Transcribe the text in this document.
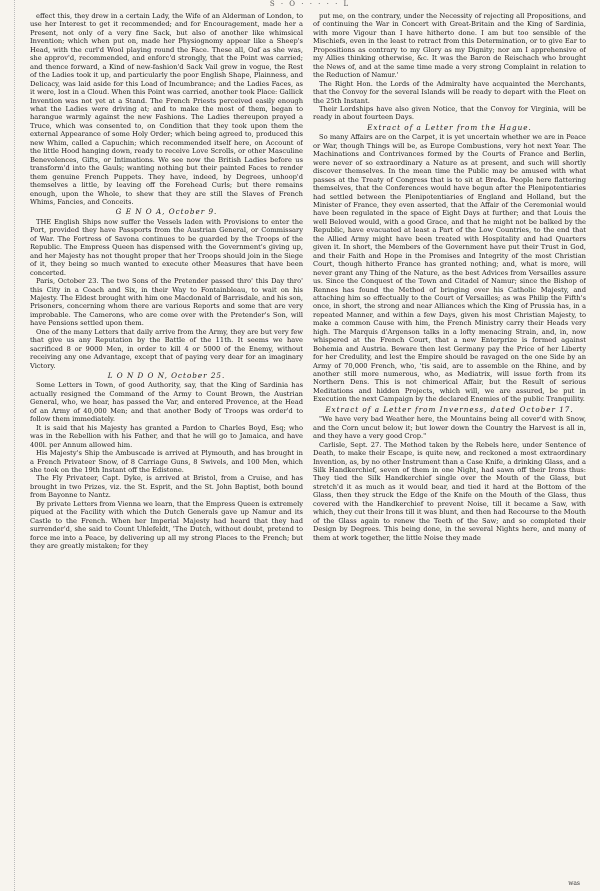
S · O · · · · · L

effect this, they drew in a certain Lady, the Wife of an Alderman of London, to use her Interest to get it recommended; and for Encouragement, made her a Present, not only of a very fine Sack, but also of another like whimsical Invention; which when put on, made her Physiognomy appear like a Sheep's Head, with the curl'd Wool playing round the Face. These all, Oaf as she was, she approv'd, recommended, and enforc'd strongly, that the Point was carried; and thence forward, a Kind of new-fashion'd Sack Vail grew in vogue, the Rest of the Ladies took it up, and particularly the poor English Shape, Plainness, and Delicacy, was laid aside for this Load of Incumbrance; and the Ladies Faces, as it were, lost in a Cloud. When this Point was carried, another took Place: Gallick Invention was not yet at a Stand. The French Priests perceived easily enough what the Ladies were driving at; and to make the most of them, began to harangue warmly against the new Fashions. The Ladies thereupon prayed a Truce, which was consented to, on Condition that they took upon them the external Appearance of some Holy Order; which being agreed to, produced this new Whim, called a Capuchin; which recommended itself here, on Account of the little Hood hanging down, ready to receive Love Scrolls, or other Masculine Benevolences, Gifts, or Intimations. We see now the British Ladies before us transform'd into the Gauls; wanting nothing but their painted Faces to render them genuine French Puppets. They have, indeed, by Degrees, unhoop'd themselves a little, by leaving off the Forehead Curls; but there remains enough, upon the Whole, to shew that they are still the Slaves of French Whims, Fancies, and Conceits.

G E N O A, October 9.

THE English Ships now suffer the Vessels laden with Provisions to enter the Port, provided they have Passports from the Austrian General, or Commissary of War. The Fortress of Savona continues to be guarded by the Troops of the Republic. The Empress Queen has dispensed with the Government's giving up, and her Majesty has not thought proper that her Troops should join in the Siege of it, they being so much wanted to execute other Measures that have been concerted.

Paris, October 23. The two Sons of the Pretender passed thro' this Day thro' this City in a Coach and Six, in their Way to Fontainbleau, to wait on his Majesty. The Eldest brought with him one Macdonald of Barrisdale, and his son, Prisoners, concerning whom there are various Reports and some that are very improbable. The Camerons, who are come over with the Pretender's Son, will have Pensions settled upon them.

One of the many Letters that daily arrive from the Army, they are but very few that give us any Reputation by the Battle of the 11th. It seems we have sacrificed 8 or 9000 Men, in order to kill 4 or 5000 of the Enemy, without receiving any one Advantage, except that of paying very dear for an imaginary Victory.

L O N D O N, October 25.

Some Letters in Town, of good Authority, say, that the King of Sardinia has actually resigned the Command of the Army to Count Brown, the Austrian General, who, we hear, has passed the Var, and entered Provence, at the Head of an Army of 40,000 Men; and that another Body of Troops was order'd to follow them immediately.

It is said that his Majesty has granted a Pardon to Charles Boyd, Esq; who was in the Rebellion with his Father, and that he will go to Jamaica, and have 400l. per Annum allowed him.

His Majesty's Ship the Ambuscade is arrived at Plymouth, and has brought in a French Privateer Snow, of 8 Carriage Guns, 8 Swivels, and 100 Men, which she took on the 19th Instant off the Edistone.

The Fly Privateer, Capt. Dyke, is arrived at Bristol, from a Cruise, and has brought in two Prizes, viz. the St. Esprit, and the St. John Baptist, both bound from Bayonne to Nantz.

By private Letters from Vienna we learn, that the Empress Queen is extremely piqued at the Facility with which the Dutch Generals gave up Namur and its Castle to the French. When her Imperial Majesty had heard that they had surrender'd, she said to Count Uhlefeldt, 'The Dutch, without doubt, pretend to force me into a Peace, by delivering up all my strong Places to the French; but they are greatly mistaken; for they

put me, on the contrary, under the Necessity of rejecting all Propositions, and of continuing the War in Concert with Great-Britain and the King of Sardinia, with more Vigour than I have hitherto done. I am but too sensible of the Mischiefs, even in the least to retract from this Determination, or to give Ear to Propositions as contrary to my Glory as my Dignity; nor am I apprehensive of my Allies thinking otherwise, &c. It was the Baron de Reischach who brought the News of, and at the same time made a very strong Complaint in relation to the Reduction of Namur.'

The Right Hon. the Lords of the Admiralty have acquainted the Merchants, that the Convoy for the several Islands will be ready to depart with the Fleet on the 25th Instant.

Their Lordships have also given Notice, that the Convoy for Virginia, will be ready in about fourteen Days.

Extract of a Letter from the Hague.

So many Affairs are on the Carpet, it is yet uncertain whether we are in Peace or War, though Things will be, as Europe Combustions, very hot next Year. The Machinations and Contrivances formed by the Courts of France and Berlin, were never of so extraordinary a Nature as at present, and such will shortly discover themselves. In the mean time the Public may be amused with what passes at the Treaty of Congress that is to sit at Breda. People here flattering themselves, that the Conferences would have begun after the Plenipotentiaries had settled between the Plenipotentiaries of England and Holland, but the Minister of France, they even asserted, that the Affair of the Ceremonial would have been regulated in the space of Eight Days at further; and that Louis the well Beloved would, with a good Grace, and that he might not be balked by the Republic, have evacuated at least a Part of the Low Countries, to the end that the Allied Army might have been treated with Hospitality and had Quarters given it. In short, the Members of the Government have put their Trust in God, and their Faith and Hope in the Promises and Integrity of the most Christian Court, though hitherto France has granted nothing; and, what is more, will never grant any Thing of the Nature, as the best Advices from Versailles assure us. Since the Conquest of the Town and Citadel of Namur; since the Bishop of Rennes has found the Method of bringing over his Catholic Majesty, and attaching him so effectually to the Court of Versailles; as was Philip the Fifth's once, in short, the strong and near Alliances which the King of Prussia has, in a repeated Manner, and within a few Days, given his most Christian Majesty, to make a common Cause with him, the French Ministry carry their Heads very high. The Marquis d'Argenson talks in a lofty menacing Strain, and, in, now whispered at the French Court, that a new Enterprize is formed against Bohemia and Austria. Beware then lest Germany pay the Price of her Liberty for her Credulity, and lest the Empire should be ravaged on the one Side by an Army of 70,000 French, who, 'tis said, are to assemble on the Rhine, and by another still more numerous, who, as Mediatrix, will issue forth from its Northern Dens. This is not chimerical Affair, but the Result of serious Meditations and hidden Projects, which will, we are assured, be put in Execution the next Campaign by the declared Enemies of the public Tranquility.

Extract of a Letter from Inverness, dated October 17.

"We have very bad Weather here, the Mountains being all cover'd with Snow, and the Corn uncut below it; but lower down the Country the Harvest is all in, and they have a very good Crop."

Carlisle, Sept. 27. The Method taken by the Rebels here, under Sentence of Death, to make their Escape, is quite new, and reckoned a most extraordinary Invention, as, by no other Instrument than a Case Knife, a drinking Glass, and a Silk Handkerchief, seven of them in one Night, had sawn off their Irons thus: They tied the Silk Handkerchief single over the Mouth of the Glass, but stretch'd it as much as it would bear, and tied it hard at the Bottom of the Glass, then they struck the Edge of the Knife on the Mouth of the Glass, thus covered with the Handkerchief to prevent Noise, till it became a Saw, with which, they cut their Irons till it was blunt, and then had Recourse to the Mouth of the Glass again to renew the Teeth of the Saw; and so completed their Design by Degrees. This being done, in the several Nights here, and many of them at work together, the little Noise they made

was
